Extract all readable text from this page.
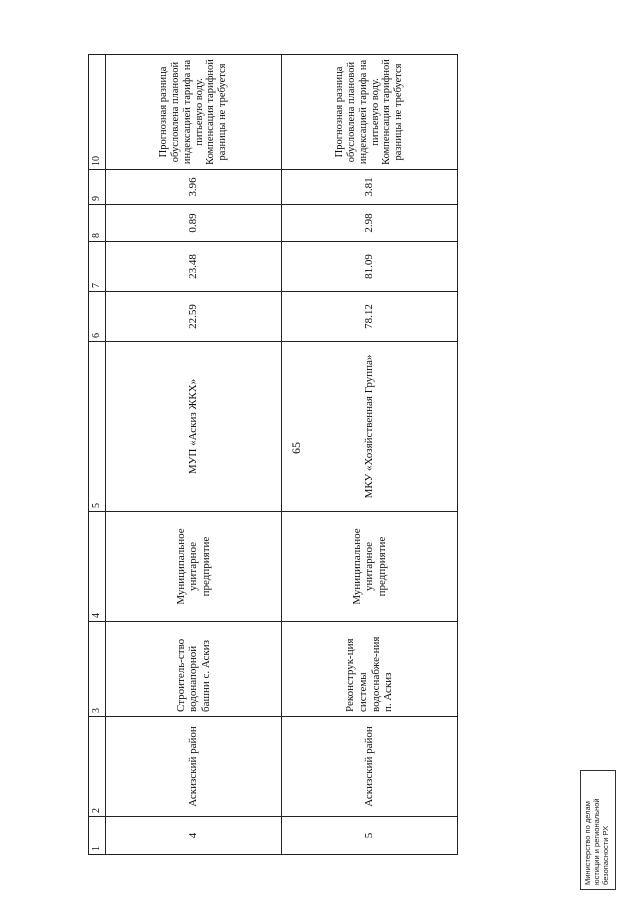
65
1	2	3	4	5	6	7	8	9	10
4	Аскизский район	Строитель-ство водонапорной башни с. Аскиз	Муниципальное унитарное предприятие	МУП «Аскиз ЖКХ»	22.59	23.48	0.89	3.96	Прогнозная разница обусловлена плановой индексацией тарифа на питьевую воду. Компенсация тарифной разницы не требуется
5	Аскизский район	Реконструк-ция системы водоснабже-ния п. Аскиз	Муниципальное унитарное предприятие	МКУ «Хозяйственная Группа»	78.12	81.09	2.98	3.81	Прогнозная разница обусловлена плановой индексацией тарифа на питьевую воду. Компенсация тарифной разницы не требуется
Министерство по делам юстиции и региональной безопасности РХ
